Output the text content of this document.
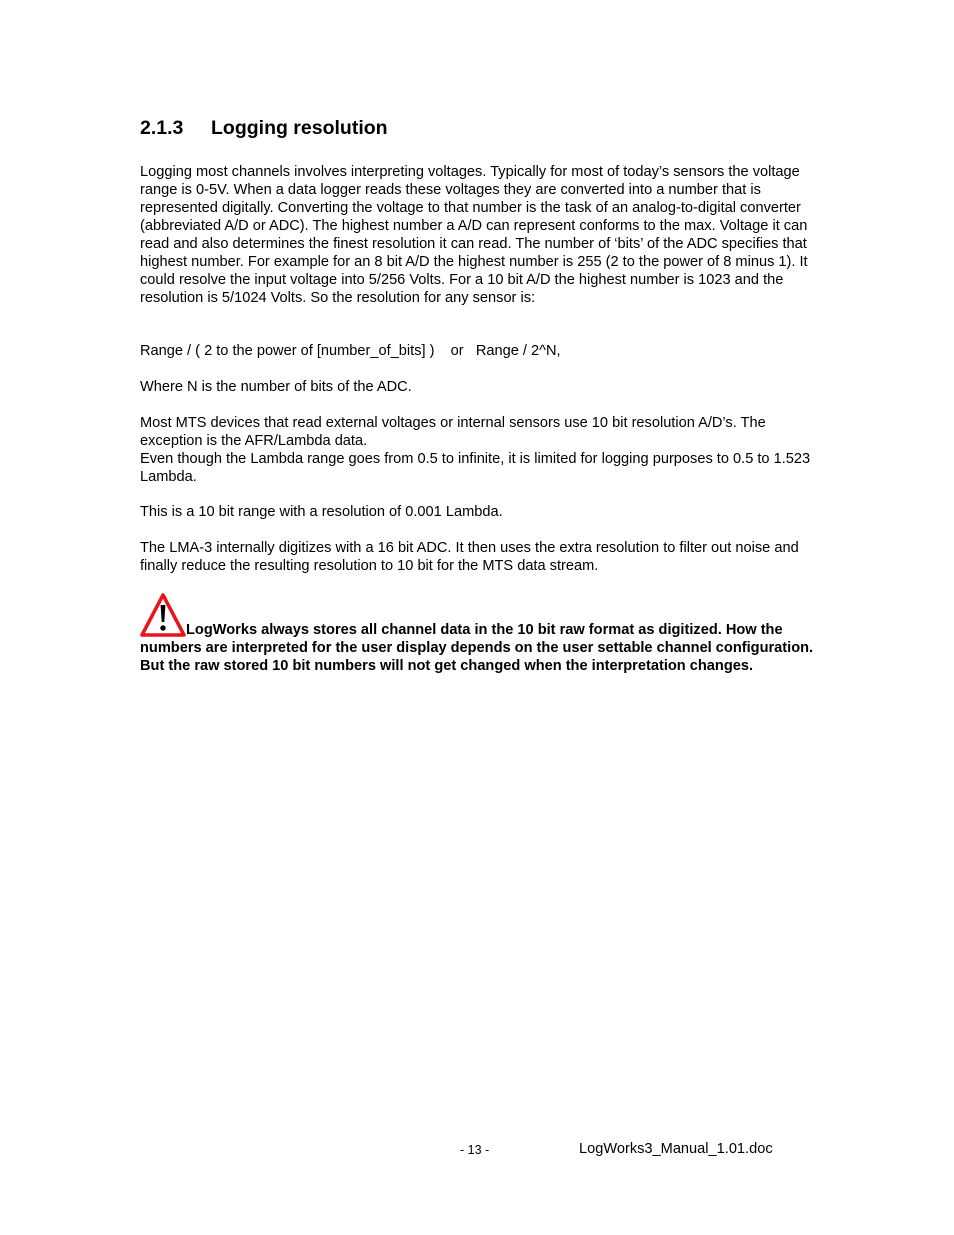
2.1.3 Logging resolution

Logging most channels involves interpreting voltages. Typically for most of today’s sensors the voltage range is 0-5V. When a data logger reads these voltages they are converted into a number that is represented digitally. Converting the voltage to that number is the task of an analog-to-digital converter (abbreviated A/D or ADC). The highest number a A/D can represent conforms to the max. Voltage it can read and also determines the finest resolution it can read. The number of ‘bits’ of the ADC specifies that highest number. For example for an 8 bit A/D the highest number is 255 (2 to the power of 8 minus 1). It could resolve the input voltage into 5/256 Volts. For a 10 bit A/D the highest number is 1023 and the resolution is 5/1024 Volts. So the resolution for any sensor is:

Range / ( 2 to the power of [number_of_bits] )    or   Range / 2^N,

Where N is the number of bits of the ADC.

Most MTS devices that read external voltages or internal sensors use 10 bit resolution A/D’s. The exception is the AFR/Lambda data.

Even though the Lambda range goes from 0.5 to infinite, it is limited for logging purposes to 0.5 to 1.523 Lambda.

This is a 10 bit range with a resolution of 0.001 Lambda.

The LMA-3 internally digitizes with a 16 bit ADC. It then uses the extra resolution to filter out noise and finally reduce the resulting resolution to 10 bit for the MTS data stream.

LogWorks always stores all channel data in the 10 bit raw format as digitized. How the numbers are interpreted for the user display depends on the user settable channel configuration. But the raw stored 10 bit numbers will not get changed when the interpretation changes.

- 13 -	LogWorks3_Manual_1.01.doc
